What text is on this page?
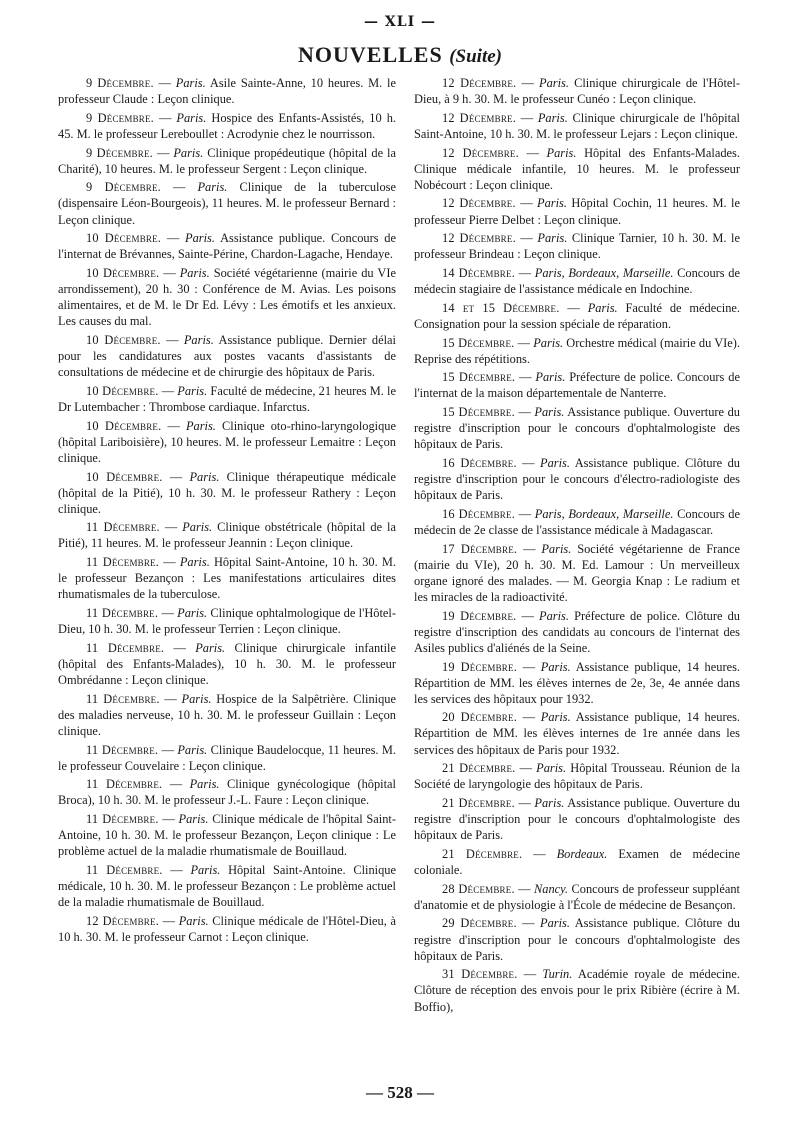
— XLI —
NOUVELLES (Suite)

9 Décembre. — Paris. Asile Sainte-Anne, 10 heures. M. le professeur Claude : Leçon clinique.

9 Décembre. — Paris. Hospice des Enfants-Assistés, 10 h. 45. M. le professeur Lereboullet : Acrodynie chez le nourrisson.

9 Décembre. — Paris. Clinique propédeutique (hôpital de la Charité), 10 heures. M. le professeur Sergent : Leçon clinique.

9 Décembre. — Paris. Clinique de la tuberculose (dispensaire Léon-Bourgeois), 11 heures. M. le professeur Bernard : Leçon clinique.

10 Décembre. — Paris. Assistance publique. Concours de l'internat de Brévannes, Sainte-Périne, Chardon-Lagache, Hendaye.

10 Décembre. — Paris. Société végétarienne (mairie du VIe arrondissement), 20 h. 30 : Conférence de M. Avias. Les poisons alimentaires, et de M. le Dr Ed. Lévy : Les émotifs et les anxieux. Les causes du mal.

10 Décembre. — Paris. Assistance publique. Dernier délai pour les candidatures aux postes vacants d'assistants de consultations de médecine et de chirurgie des hôpitaux de Paris.

10 Décembre. — Paris. Faculté de médecine, 21 heures M. le Dr Lutembacher : Thrombose cardiaque. Infarctus.

10 Décembre. — Paris. Clinique oto-rhino-laryngologique (hôpital Lariboisière), 10 heures. M. le professeur Lemaitre : Leçon clinique.

10 Décembre. — Paris. Clinique thérapeutique médicale (hôpital de la Pitié), 10 h. 30. M. le professeur Rathery : Leçon clinique.

11 Décembre. — Paris. Clinique obstétricale (hôpital de la Pitié), 11 heures. M. le professeur Jeannin : Leçon clinique.

11 Décembre. — Paris. Hôpital Saint-Antoine, 10 h. 30. M. le professeur Bezançon : Les manifestations articulaires dites rhumatismales de la tuberculose.

11 Décembre. — Paris. Clinique ophtalmologique de l'Hôtel-Dieu, 10 h. 30. M. le professeur Terrien : Leçon clinique.

11 Décembre. — Paris. Clinique chirurgicale infantile (hôpital des Enfants-Malades), 10 h. 30. M. le professeur Ombrédanne : Leçon clinique.

11 Décembre. — Paris. Hospice de la Salpêtrière. Clinique des maladies nerveuse, 10 h. 30. M. le professeur Guillain : Leçon clinique.

11 Décembre. — Paris. Clinique Baudelocque, 11 heures. M. le professeur Couvelaire : Leçon clinique.

11 Décembre. — Paris. Clinique gynécologique (hôpital Broca), 10 h. 30. M. le professeur J.-L. Faure : Leçon clinique.

11 Décembre. — Paris. Clinique médicale de l'hôpital Saint-Antoine, 10 h. 30. M. le professeur Bezançon, Leçon clinique : Le problème actuel de la maladie rhumatismale de Bouillaud.

11 Décembre. — Paris. Hôpital Saint-Antoine. Clinique médicale, 10 h. 30. M. le professeur Bezançon : Le problème actuel de la maladie rhumatismale de Bouillaud.

12 Décembre. — Paris. Clinique médicale de l'Hôtel-Dieu, à 10 h. 30. M. le professeur Carnot : Leçon clinique.

12 Décembre. — Paris. Clinique chirurgicale de l'Hôtel-Dieu, à 9 h. 30. M. le professeur Cunéo : Leçon clinique.

12 Décembre. — Paris. Clinique chirurgicale de l'hôpital Saint-Antoine, 10 h. 30. M. le professeur Lejars : Leçon clinique.

12 Décembre. — Paris. Hôpital des Enfants-Malades. Clinique médicale infantile, 10 heures. M. le professeur Nobécourt : Leçon clinique.

12 Décembre. — Paris. Hôpital Cochin, 11 heures. M. le professeur Pierre Delbet : Leçon clinique.

12 Décembre. — Paris. Clinique Tarnier, 10 h. 30. M. le professeur Brindeau : Leçon clinique.

14 Décembre. — Paris, Bordeaux, Marseille. Concours de médecin stagiaire de l'assistance médicale en Indochine.

14 et 15 Décembre. — Paris. Faculté de médecine. Consignation pour la session spéciale de réparation.

15 Décembre. — Paris. Orchestre médical (mairie du VIe). Reprise des répétitions.

15 Décembre. — Paris. Préfecture de police. Concours de l'internat de la maison départementale de Nanterre.

15 Décembre. — Paris. Assistance publique. Ouverture du registre d'inscription pour le concours d'ophtalmologiste des hôpitaux de Paris.

16 Décembre. — Paris. Assistance publique. Clôture du registre d'inscription pour le concours d'électro-radiologiste des hôpitaux de Paris.

16 Décembre. — Paris, Bordeaux, Marseille. Concours de médecin de 2e classe de l'assistance médicale à Madagascar.

17 Décembre. — Paris. Société végétarienne de France (mairie du VIe), 20 h. 30. M. Ed. Lamour : Un merveilleux organe ignoré des malades. — M. Georgia Knap : Le radium et les miracles de la radioactivité.

19 Décembre. — Paris. Préfecture de police. Clôture du registre d'inscription des candidats au concours de l'internat des Asiles publics d'aliénés de la Seine.

19 Décembre. — Paris. Assistance publique, 14 heures. Répartition de MM. les élèves internes de 2e, 3e, 4e année dans les services des hôpitaux pour 1932.

20 Décembre. — Paris. Assistance publique, 14 heures. Répartition de MM. les élèves internes de 1re année dans les services des hôpitaux de Paris pour 1932.

21 Décembre. — Paris. Hôpital Trousseau. Réunion de la Société de laryngologie des hôpitaux de Paris.

21 Décembre. — Paris. Assistance publique. Ouverture du registre d'inscription pour le concours d'ophtalmologiste des hôpitaux de Paris.

21 Décembre. — Bordeaux. Examen de médecine coloniale.

28 Décembre. — Nancy. Concours de professeur suppléant d'anatomie et de physiologie à l'École de médecine de Besançon.

29 Décembre. — Paris. Assistance publique. Clôture du registre d'inscription pour le concours d'ophtalmologiste des hôpitaux de Paris.

31 Décembre. — Turin. Académie royale de médecine. Clôture de réception des envois pour le prix Ribière (écrire à M. Boffio),

— 528 —
